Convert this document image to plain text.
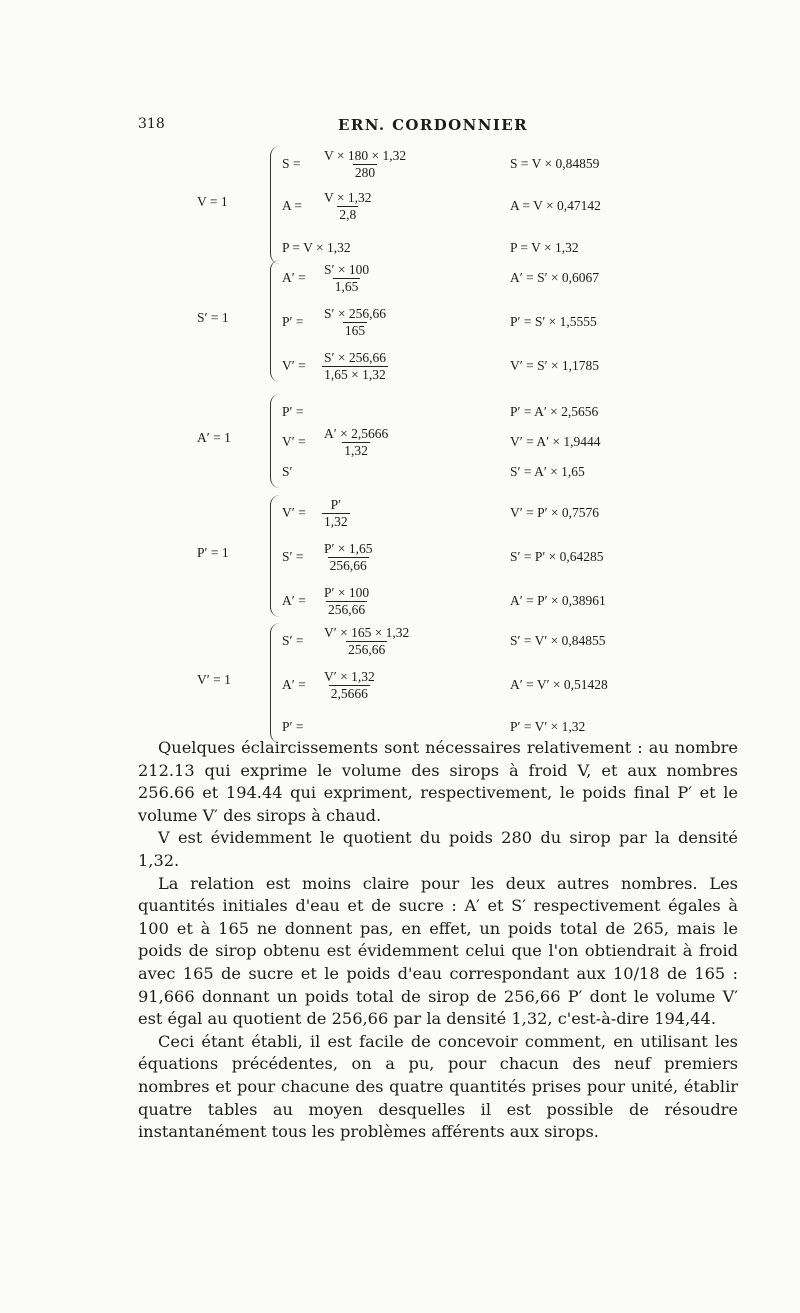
318	ERN. CORDONNIER
V = 1
$S = \frac{V \times 180 \times 1,32}{280}$	S = V × 0,84859
$A = \frac{V \times 1,32}{2,8}$	A = V × 0,47142
P = V × 1,32	P = V × 1,32
S′ = 1
$A' = \frac{S' \times 100}{1,65}$	A′ = S′ × 0,6067
$P' = \frac{S' \times 256,66}{165}$	P′ = S′ × 1,5555
$V' = \frac{S' \times 256,66}{1,65 \times 1,32}$	V′ = S′ × 1,1785
A′ = 1
P′ =	P′ = A′ × 2,5656
$V' = \frac{A' \times 2,5666}{1,32}$	V′ = A′ × 1,9444
S′	S′ = A′ × 1,65
P′ = 1
$V' = \frac{P'}{1,32}$	V′ = P′ × 0,7576
$S' = \frac{P' \times 1,65}{256,66}$	S′ = P′ × 0,64285
$A' = \frac{P' \times 100}{256,66}$	A′ = P′ × 0,38961
V′ = 1
$S' = \frac{V' \times 165 \times 1,32}{256,66}$	S′ = V′ × 0,84855
$A' = \frac{V' \times 1,32}{2,5666}$	A′ = V′ × 0,51428
P′ =	P′ = V′ × 1,32

Quelques éclaircissements sont nécessaires relativement : au nombre 212.13 qui exprime le volume des sirops à froid V, et aux nombres 256.66 et 194.44 qui expriment, respectivement, le poids final P′ et le volume V′ des sirops à chaud.

V est évidemment le quotient du poids 280 du sirop par la densité 1,32.

La relation est moins claire pour les deux autres nombres. Les quantités initiales d'eau et de sucre : A′ et S′ respectivement égales à 100 et à 165 ne donnent pas, en effet, un poids total de 265, mais le poids de sirop obtenu est évidemment celui que l'on obtiendrait à froid avec 165 de sucre et le poids d'eau correspondant aux 10/18 de 165 : 91,666 donnant un poids total de sirop de 256,66 P′ dont le volume V′ est égal au quotient de 256,66 par la densité 1,32, c'est-à-dire 194,44.

Ceci étant établi, il est facile de concevoir comment, en utilisant les équations précédentes, on a pu, pour chacun des neuf premiers nombres et pour chacune des quatre quantités prises pour unité, établir quatre tables au moyen desquelles il est possible de résoudre instantanément tous les problèmes afférents aux sirops.
